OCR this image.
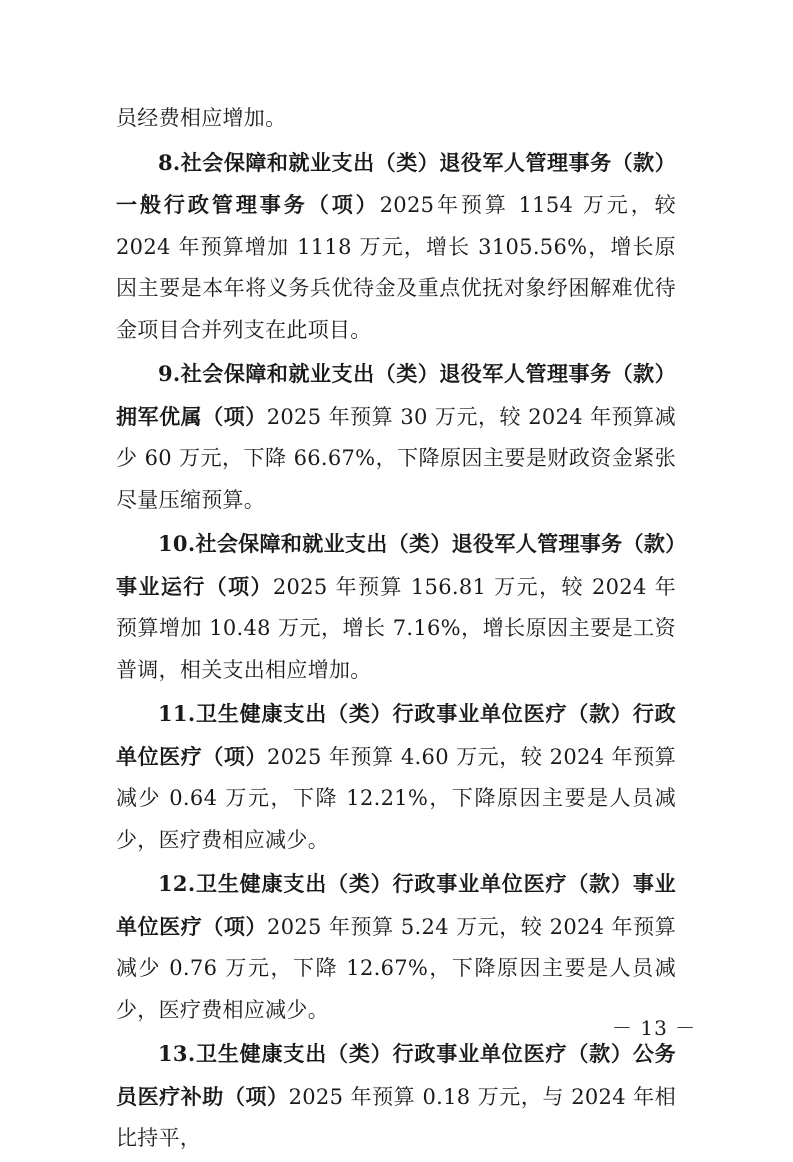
员经费相应增加。

8.社会保障和就业支出（类）退役军人管理事务（款）一般行政管理事务（项）2025年预算 1154 万元，较 2024 年预算增加 1118 万元，增长 3105.56%，增长原因主要是本年将义务兵优待金及重点优抚对象纾困解难优待金项目合并列支在此项目。

9.社会保障和就业支出（类）退役军人管理事务（款）拥军优属（项）2025 年预算 30 万元，较 2024 年预算减少 60 万元，下降 66.67%，下降原因主要是财政资金紧张尽量压缩预算。

10.社会保障和就业支出（类）退役军人管理事务（款）事业运行（项）2025 年预算 156.81 万元，较 2024 年预算增加 10.48 万元，增长 7.16%，增长原因主要是工资普调，相关支出相应增加。

11.卫生健康支出（类）行政事业单位医疗（款）行政单位医疗（项）2025 年预算 4.60 万元，较 2024 年预算减少 0.64 万元，下降 12.21%，下降原因主要是人员减少，医疗费相应减少。

12.卫生健康支出（类）行政事业单位医疗（款）事业单位医疗（项）2025 年预算 5.24 万元，较 2024 年预算减少 0.76 万元，下降 12.67%，下降原因主要是人员减少，医疗费相应减少。

13.卫生健康支出（类）行政事业单位医疗（款）公务员医疗补助（项）2025 年预算 0.18 万元，与 2024 年相比持平，

－ 13 －
